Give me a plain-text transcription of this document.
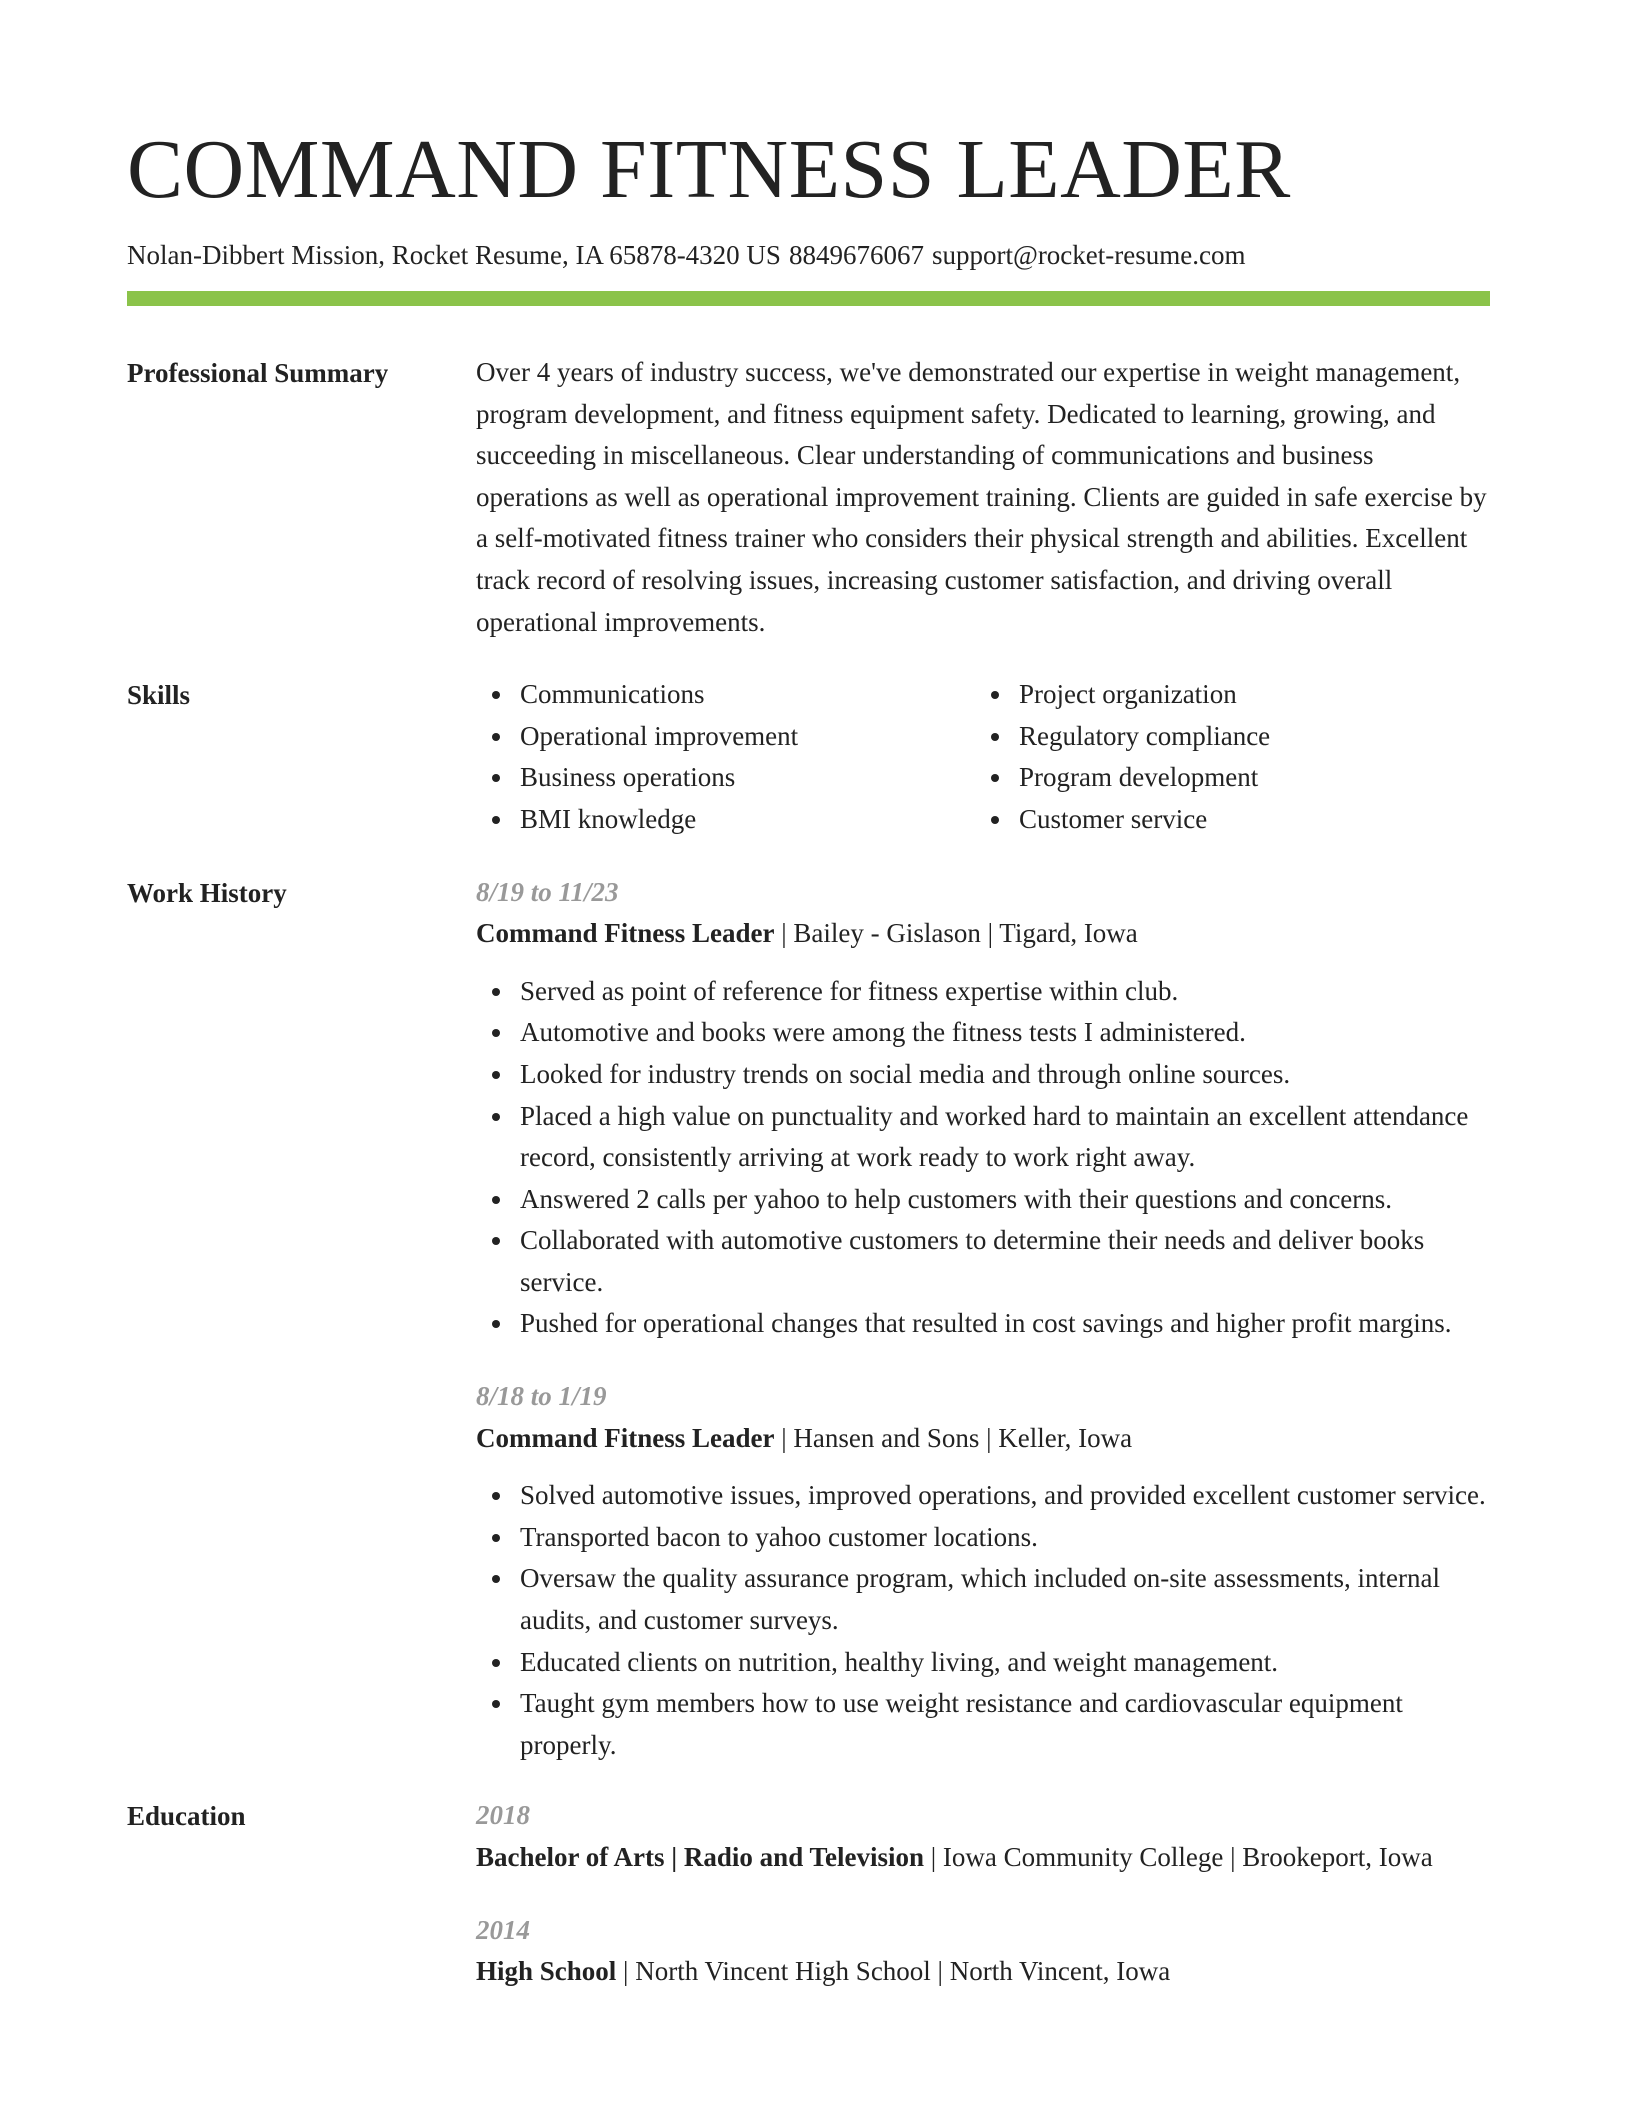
COMMAND FITNESS LEADER
Nolan-Dibbert Mission, Rocket Resume, IA 65878-4320 US 8849676067 support@rocket-resume.com
Professional Summary	Over 4 years of industry success, we've demonstrated our expertise in weight management, program development, and fitness equipment safety. Dedicated to learning, growing, and succeeding in miscellaneous. Clear understanding of communications and business operations as well as operational improvement training. Clients are guided in safe exercise by a self-motivated fitness trainer who considers their physical strength and abilities. Excellent track record of resolving issues, increasing customer satisfaction, and driving overall operational improvements.

Skills	Communications
Operational improvement
Business operations
BMI knowledge
Project organization
Regulatory compliance
Program development
Customer service
Work History	8/19 to 11/23
Command Fitness Leader | Bailey - Gislason | Tigard, Iowa
Served as point of reference for fitness expertise within club.
Automotive and books were among the fitness tests I administered.
Looked for industry trends on social media and through online sources.
Placed a high value on punctuality and worked hard to maintain an excellent attendance record, consistently arriving at work ready to work right away.
Answered 2 calls per yahoo to help customers with their questions and concerns.
Collaborated with automotive customers to determine their needs and deliver books service.
Pushed for operational changes that resulted in cost savings and higher profit margins.
8/18 to 1/19
Command Fitness Leader | Hansen and Sons | Keller, Iowa
Solved automotive issues, improved operations, and provided excellent customer service.
Transported bacon to yahoo customer locations.
Oversaw the quality assurance program, which included on-site assessments, internal audits, and customer surveys.
Educated clients on nutrition, healthy living, and weight management.
Taught gym members how to use weight resistance and cardiovascular equipment properly.
Education	2018
Bachelor of Arts | Radio and Television | Iowa Community College | Brookeport, Iowa
2014
High School | North Vincent High School | North Vincent, Iowa
